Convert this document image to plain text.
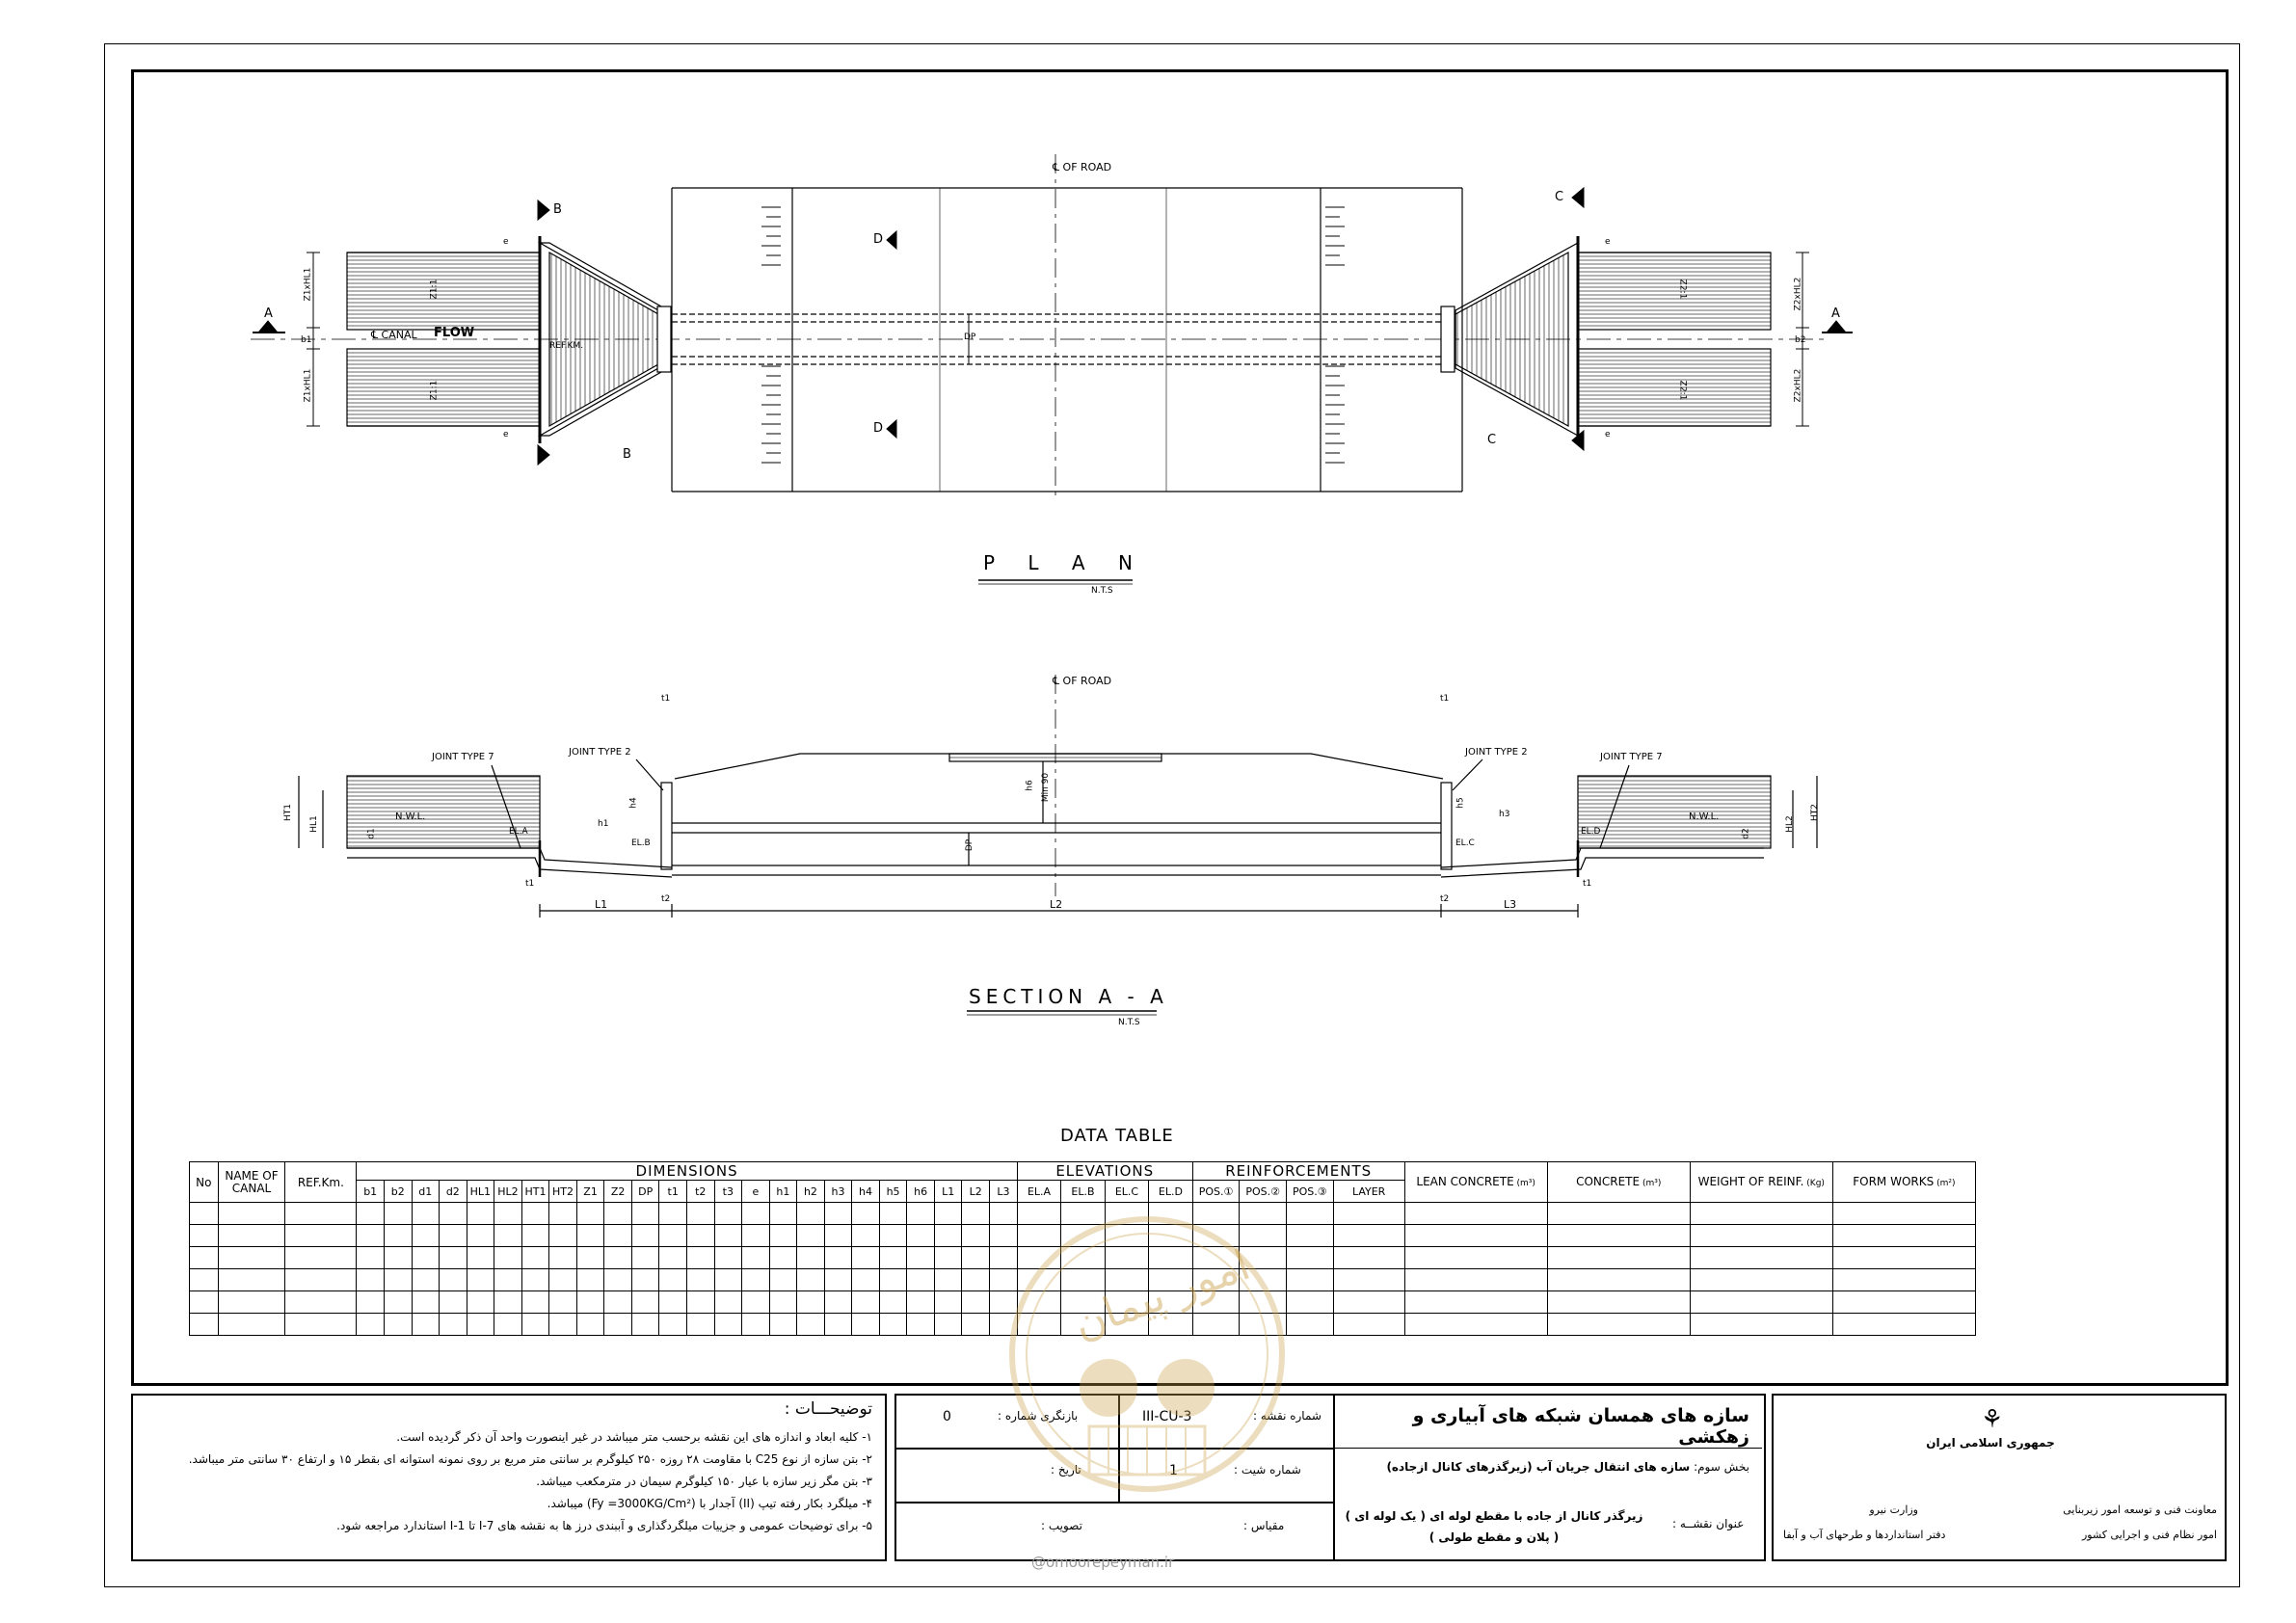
℄ OF ROAD
℄ CANAL FLOW
REF.KM.
DP
A	A
B
B
C
C
D
D
Z1xHL1
b1
Z1xHL1
Z2xHL2
b2
Z2xHL2
Z1:1
Z1:1
Z2:1
Z2:1
e
e
e
e
P L A N
N.T.S
℄ OF ROAD
JOINT TYPE 7	JOINT TYPE 2	JOINT TYPE 2	JOINT TYPE 7
N.W.L.	N.W.L.
HT1
HL1
d1
h4
h1
EL.A
EL.B
t1	t1
t1	t1
t2	t2
L1	L2	L3
DP
h6 Min 90
h5
h3
EL.C
EL.D	d2
HL2
HT2
SECTION A - A
N.T.S
DATA TABLE
No	NAME OF CANAL	REF.Km.	DIMENSIONS																								ELEVATIONS				REINFORCEMENTS				LEAN CONCRETE (m³)	CONCRETE (m³)	WEIGHT OF REINF. (Kg)	FORM WORKS (m²)
			b1	b2	d1	d2	HL1	HL2	HT1	HT2	Z1	Z2	DP	t1	t2	t3	e	h1	h2	h3	h4	h5	h6	L1	L2	L3	EL.A	EL.B	EL.C	EL.D	POS.①	POS.②	POS.③	LAYER				

توضیحـــات :
۱- کلیه ابعاد و اندازه های این نقشه برحسب متر میباشد در غیر اینصورت واحد آن ذکر گردیده است.
۲- بتن سازه از نوع C25 با مقاومت ۲۸ روزه ۲۵۰ کیلوگرم بر سانتی متر مربع بر روی نمونه استوانه ای بقطر ۱۵ و ارتفاع ۳۰ سانتی متر میباشد.
۳- بتن مگر زیر سازه با عیار ۱۵۰ کیلوگرم سیمان در مترمکعب میباشد.
۴- میلگرد بکار رفته تیپ (II) آجدار با (Fy =3000KG/Cm²) میباشد.
۵- برای توضیحات عمومی و جزییات میلگردگذاری و آببندی درز ها به نقشه های I-7 تا I-1 استاندارد مراجعه شود.
شماره نقشه :
III-CU-3
بازنگری شماره :
0
شماره شیت :
1
تاریخ :
مقیاس :
تصویب :
سازه های همسان شبکه های آبیاری و زهکشی
بخش سوم: سازه های انتقال جریان آب (زیرگذرهای کانال ازجاده)
عنوان نقشــه :
زیرگذر کانال از جاده با مقطع لوله ای ( یک لوله ای )
( پلان و مقطع طولی )
⚘
جمهوری اسلامی ایران
وزارت نیرو
دفتر استانداردها و طرحهای آب و آبفا
معاونت فنی و توسعه امور زیربنایی
امور نظام فنی و اجرایی کشور
امور پیمان
@omoorepeyman.ir
